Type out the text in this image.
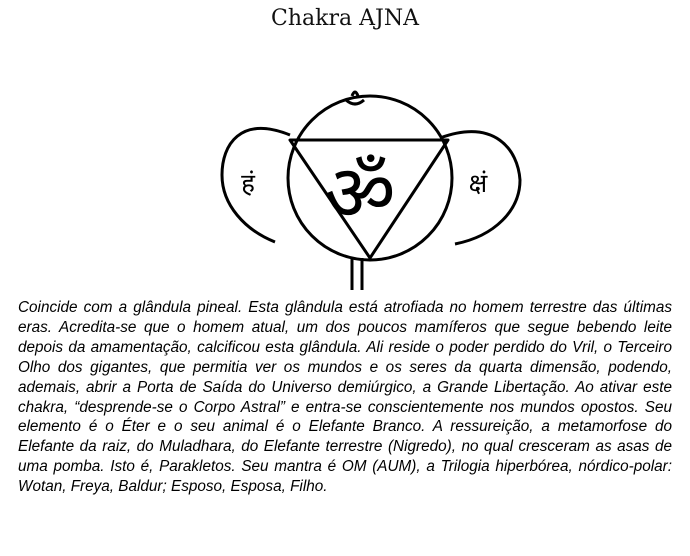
Chakra AJNA
हं	क्षं
ॐ

Coincide com a glândula pineal. Esta glândula está atrofiada no homem terrestre das últimas eras. Acredita-se que o homem atual, um dos poucos mamíferos que segue bebendo leite depois da amamentação, calcificou esta glândula. Ali reside o poder perdido do Vril, o Terceiro Olho dos gigantes, que permitia ver os mundos e os seres da quarta dimensão, podendo, ademais, abrir a Porta de Saída do Universo demiúrgico, a Grande Libertação. Ao ativar este chakra, “desprende-se o Corpo Astral” e entra-se conscientemente nos mundos opostos. Seu elemento é o Éter e o seu animal é o Elefante Branco. A ressureição, a metamorfose do Elefante da raiz, do Muladhara, do Elefante terrestre (Nigredo), no qual cresceram as asas de uma pomba. Isto é, Parakletos. Seu mantra é OM (AUM), a Trilogia hiperbórea, nórdico-polar: Wotan, Freya, Baldur; Esposo, Esposa, Filho.
